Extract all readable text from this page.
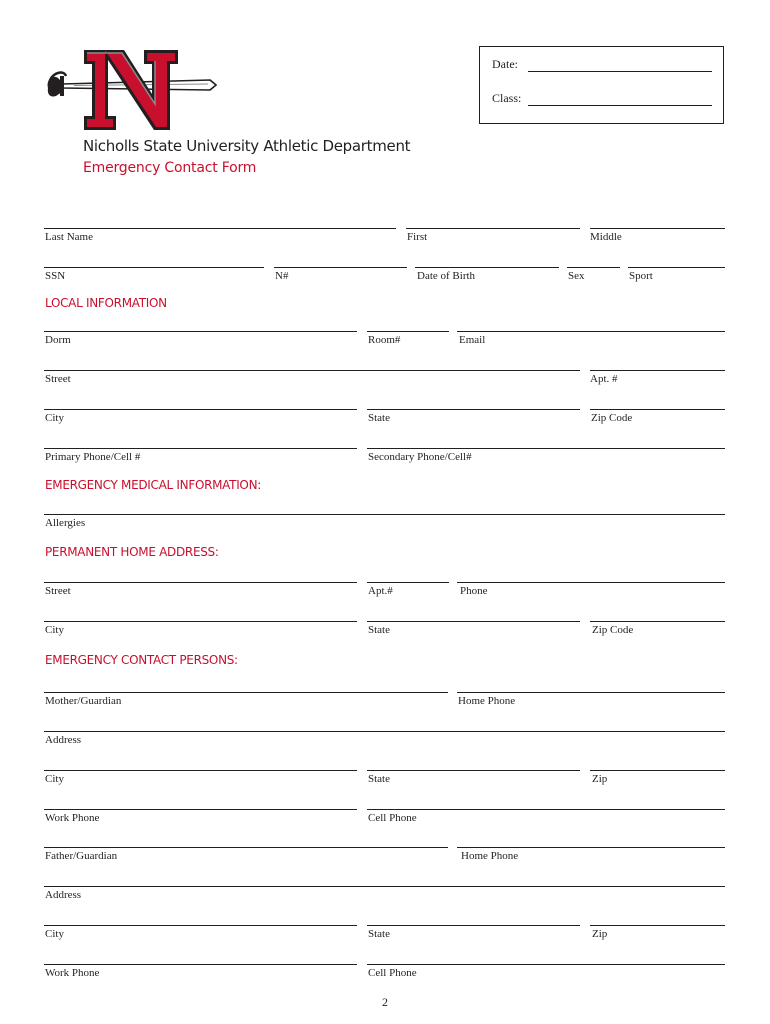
Date:
Class:
Nicholls State University Athletic Department
Emergency Contact Form
Last Name	First	Middle
SSN	N#	Date of Birth	Sex	Sport
LOCAL INFORMATION
Dorm	Room#	Email
Street	Apt. #
City	State	Zip Code
Primary Phone/Cell #	Secondary Phone/Cell#
EMERGENCY MEDICAL INFORMATION:
Allergies
PERMANENT HOME ADDRESS:
Street	Apt.#	Phone
City	State	Zip Code
EMERGENCY CONTACT PERSONS:
Mother/Guardian	Home Phone
Address
City	State	Zip
Work Phone	Cell Phone
Father/Guardian	Home Phone
Address
City	State	Zip
Work Phone	Cell Phone
2
